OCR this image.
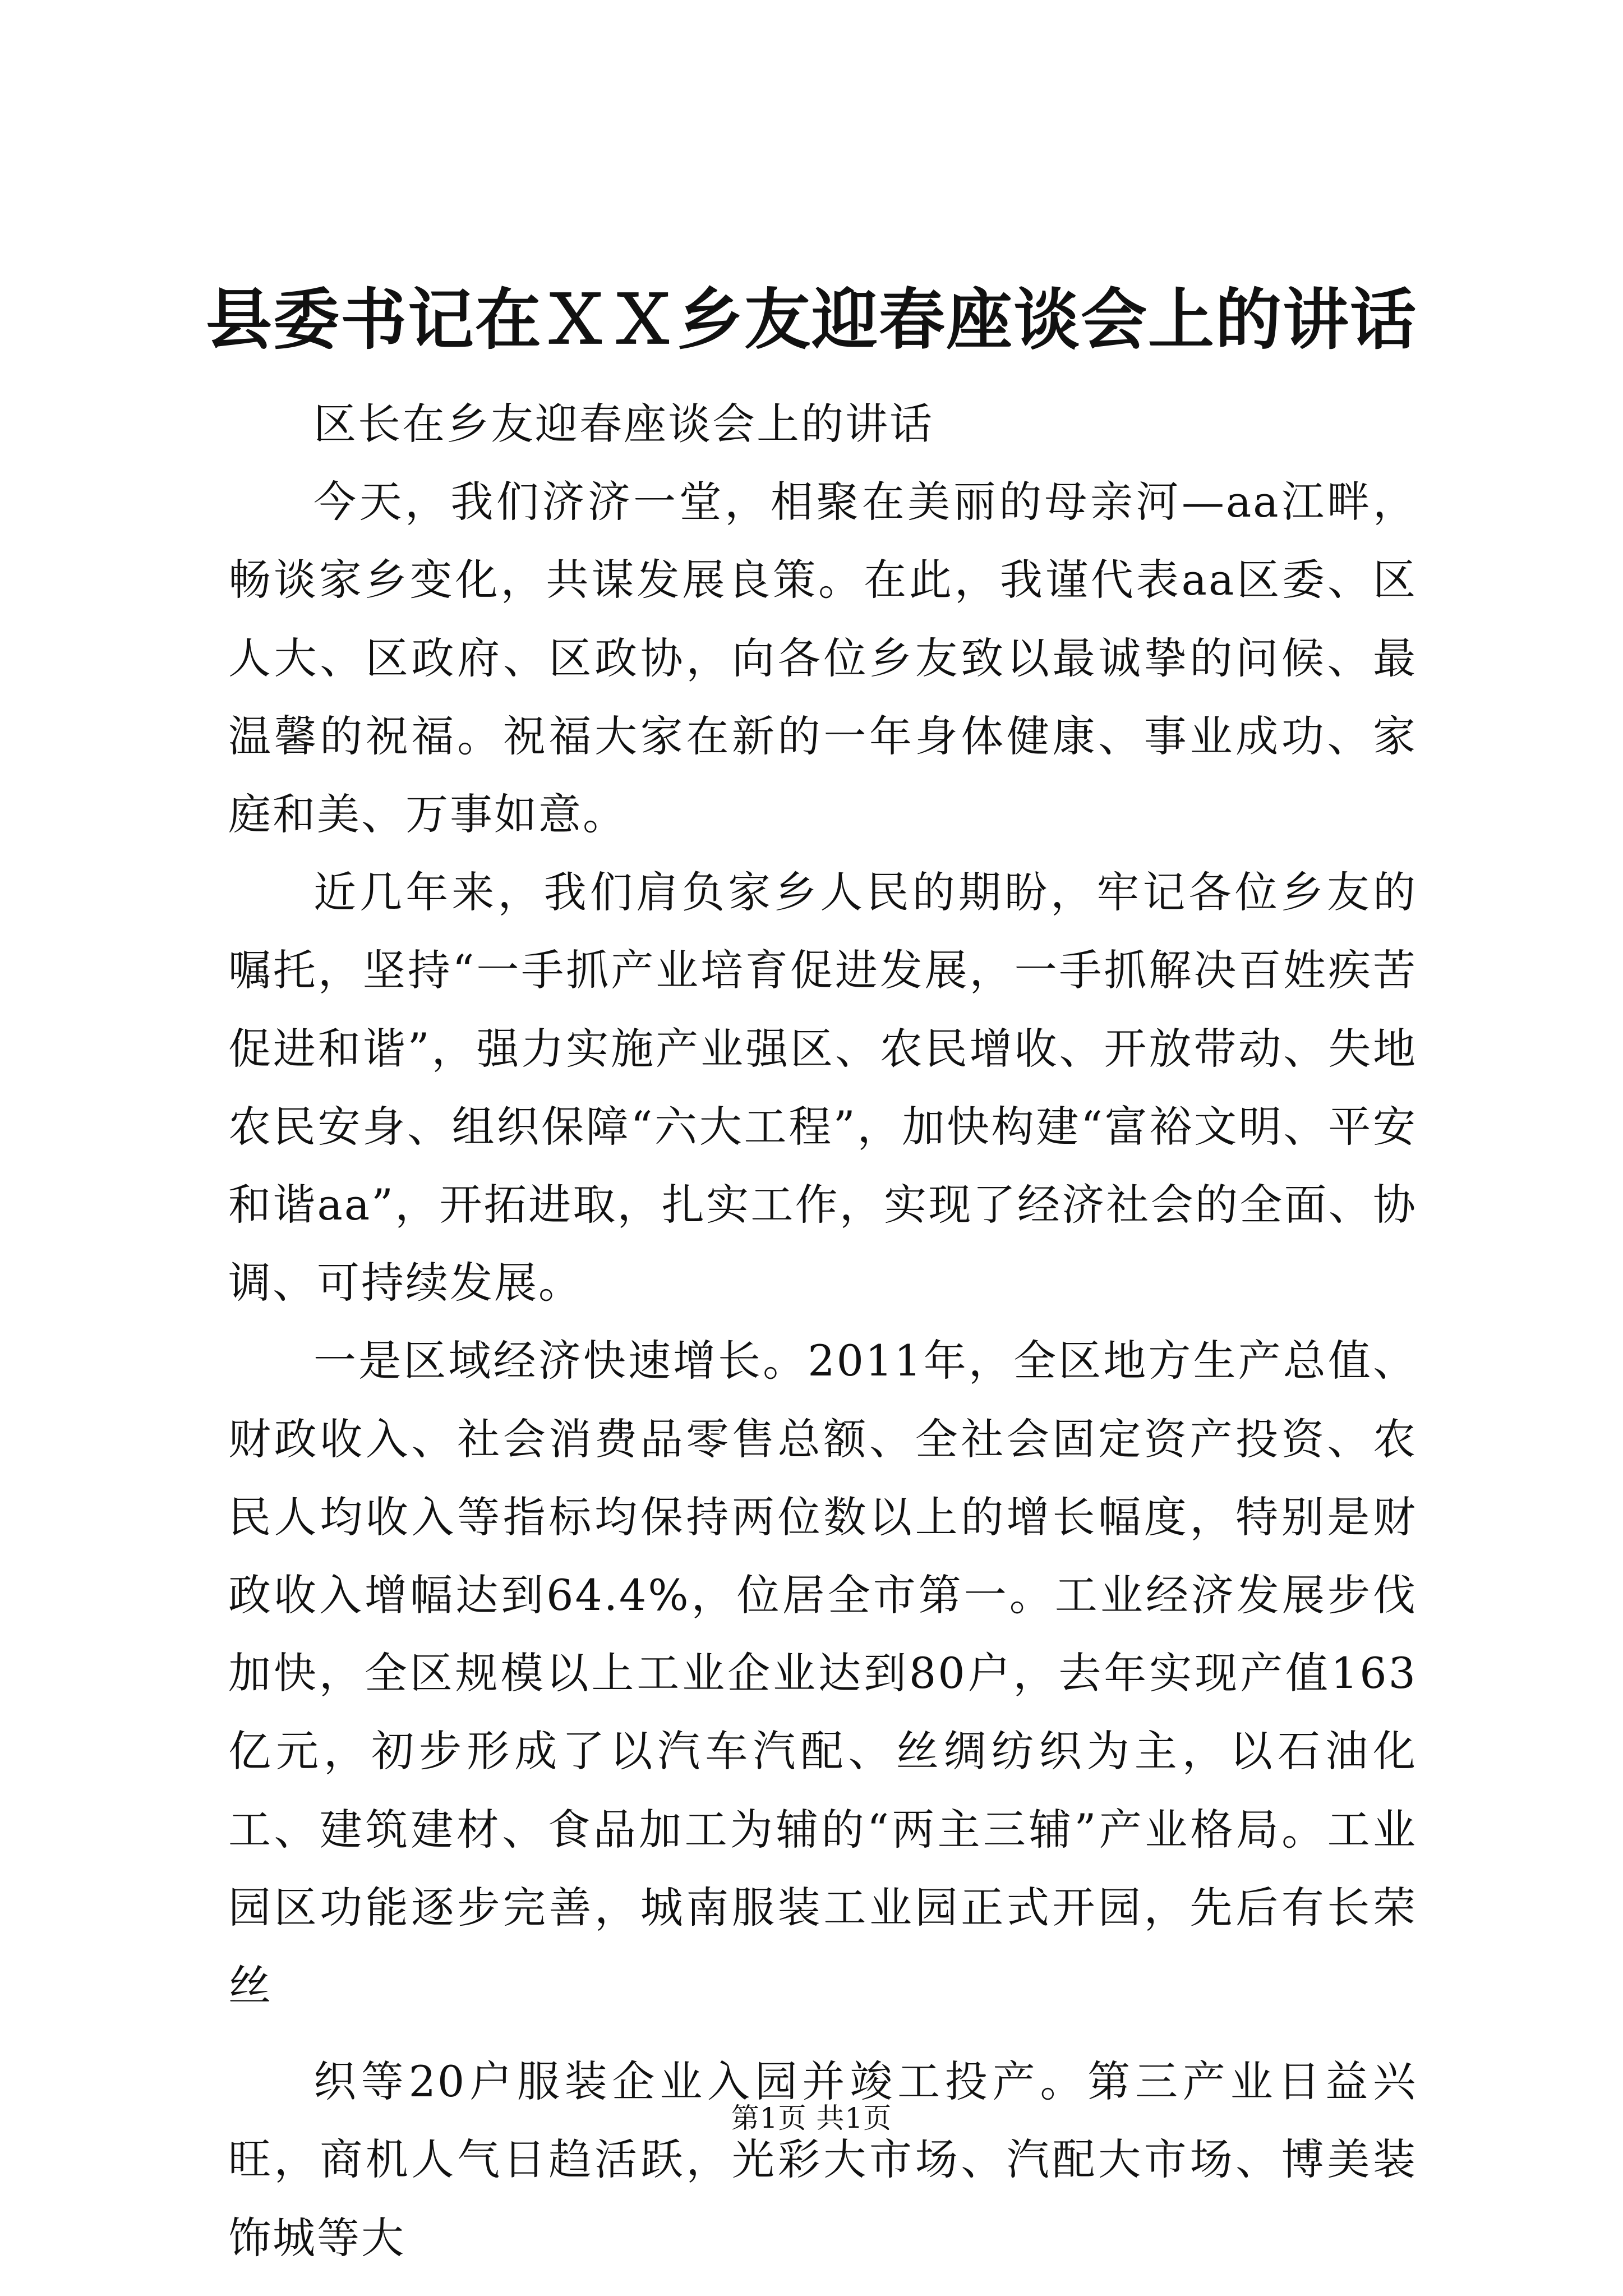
县委书记在ＸＸ乡友迎春座谈会上的讲话

区长在乡友迎春座谈会上的讲话

今天，我们济济一堂，相聚在美丽的母亲河—aa江畔，畅谈家乡变化，共谋发展良策。在此，我谨代表aa区委、区人大、区政府、区政协，向各位乡友致以最诚挚的问候、最温馨的祝福。祝福大家在新的一年身体健康、事业成功、家庭和美、万事如意。

近几年来，我们肩负家乡人民的期盼，牢记各位乡友的嘱托，坚持“一手抓产业培育促进发展，一手抓解决百姓疾苦促进和谐”，强力实施产业强区、农民增收、开放带动、失地农民安身、组织保障“六大工程”，加快构建“富裕文明、平安和谐aa”，开拓进取，扎实工作，实现了经济社会的全面、协调、可持续发展。

一是区域经济快速增长。2011年，全区地方生产总值、财政收入、社会消费品零售总额、全社会固定资产投资、农民人均收入等指标均保持两位数以上的增长幅度，特别是财政收入增幅达到64.4%，位居全市第一。工业经济发展步伐加快，全区规模以上工业企业达到80户，去年实现产值163亿元，初步形成了以汽车汽配、丝绸纺织为主，以石油化工、建筑建材、食品加工为辅的“两主三辅”产业格局。工业园区功能逐步完善，城南服装工业园正式开园，先后有长荣丝

织等20户服装企业入园并竣工投产。第三产业日益兴旺，商机人气日趋活跃，光彩大市场、汽配大市场、博美装饰城等大

第1页 共1页
